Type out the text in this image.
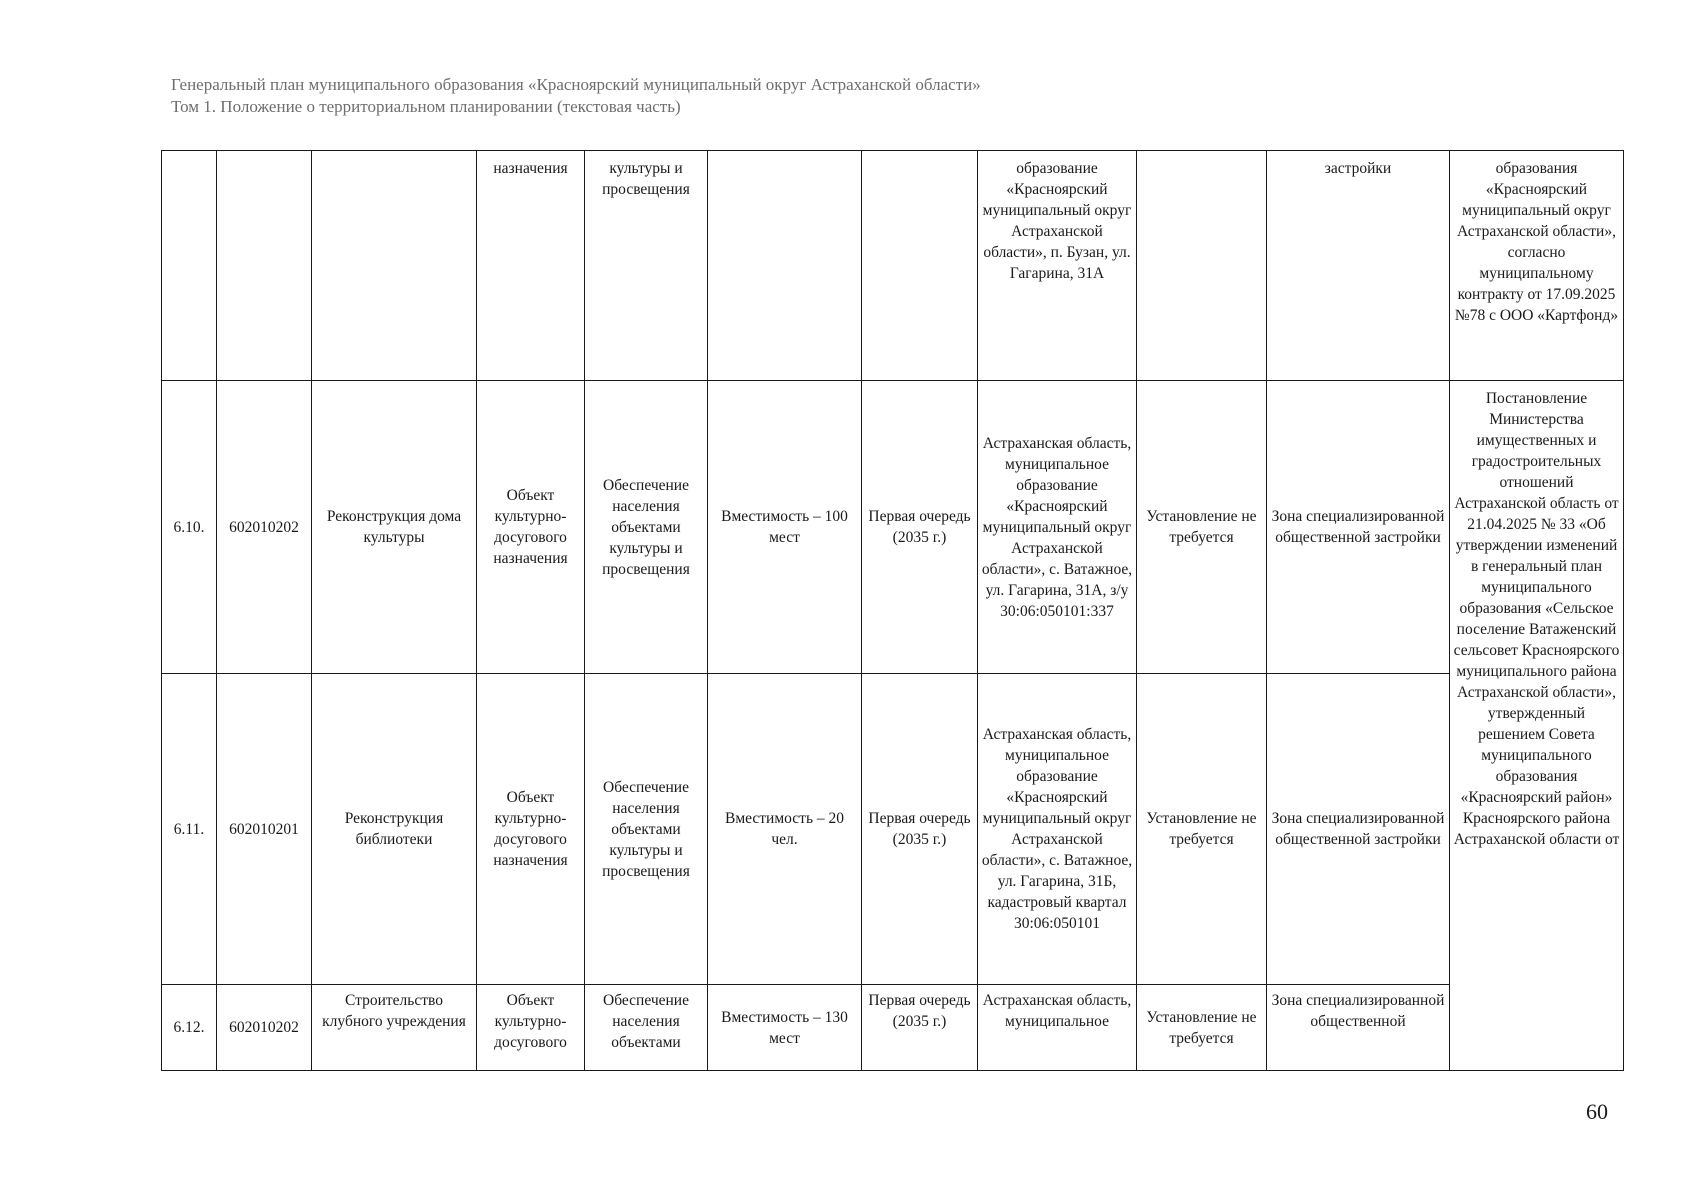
Генеральный план муниципального образования «Красноярский муниципальный округ Астраханской области»
Том 1. Положение о территориальном планировании (текстовая часть)
			назначения	культуры и просвещения			образование «Красноярский муниципальный округ Астраханской области», п. Бузан, ул. Гагарина, 31А		застройки	образования «Красноярский муниципальный округ Астраханской области», согласно муниципальному контракту от 17.09.2025 №78 с ООО «Картфонд»
6.10.	602010202	Реконструкция дома культуры	Объект культурно-досугового назначения	Обеспечение населения объектами культуры и просвещения	Вместимость – 100 мест	Первая очередь (2035 г.)	Астраханская область, муниципальное образование «Красноярский муниципальный округ Астраханской области», с. Ватажное, ул. Гагарина, 31А, з/у 30:06:050101:337	Установление не требуется	Зона специализированной общественной застройки	Постановление Министерства имущественных и градостроительных отношений Астраханской область от 21.04.2025 № 33 «Об утверждении изменений в генеральный план муниципального образования «Сельское поселение Ватаженский сельсовет Красноярского муниципального района Астраханской области», утвержденный решением Совета муниципального образования «Красноярский район» Красноярского района Астраханской области от
6.11.	602010201	Реконструкция библиотеки	Объект культурно-досугового назначения	Обеспечение населения объектами культуры и просвещения	Вместимость – 20 чел.	Первая очередь (2035 г.)	Астраханская область, муниципальное образование «Красноярский муниципальный округ Астраханской области», с. Ватажное, ул. Гагарина, 31Б, кадастровый квартал 30:06:050101	Установление не требуется	Зона специализированной общественной застройки	
6.12.	602010202	Строительство клубного учреждения	Объект культурно-досугового	Обеспечение населения объектами	Вместимость – 130 мест	Первая очередь (2035 г.)	Астраханская область, муниципальное	Установление не требуется	Зона специализированной общественной	
60
